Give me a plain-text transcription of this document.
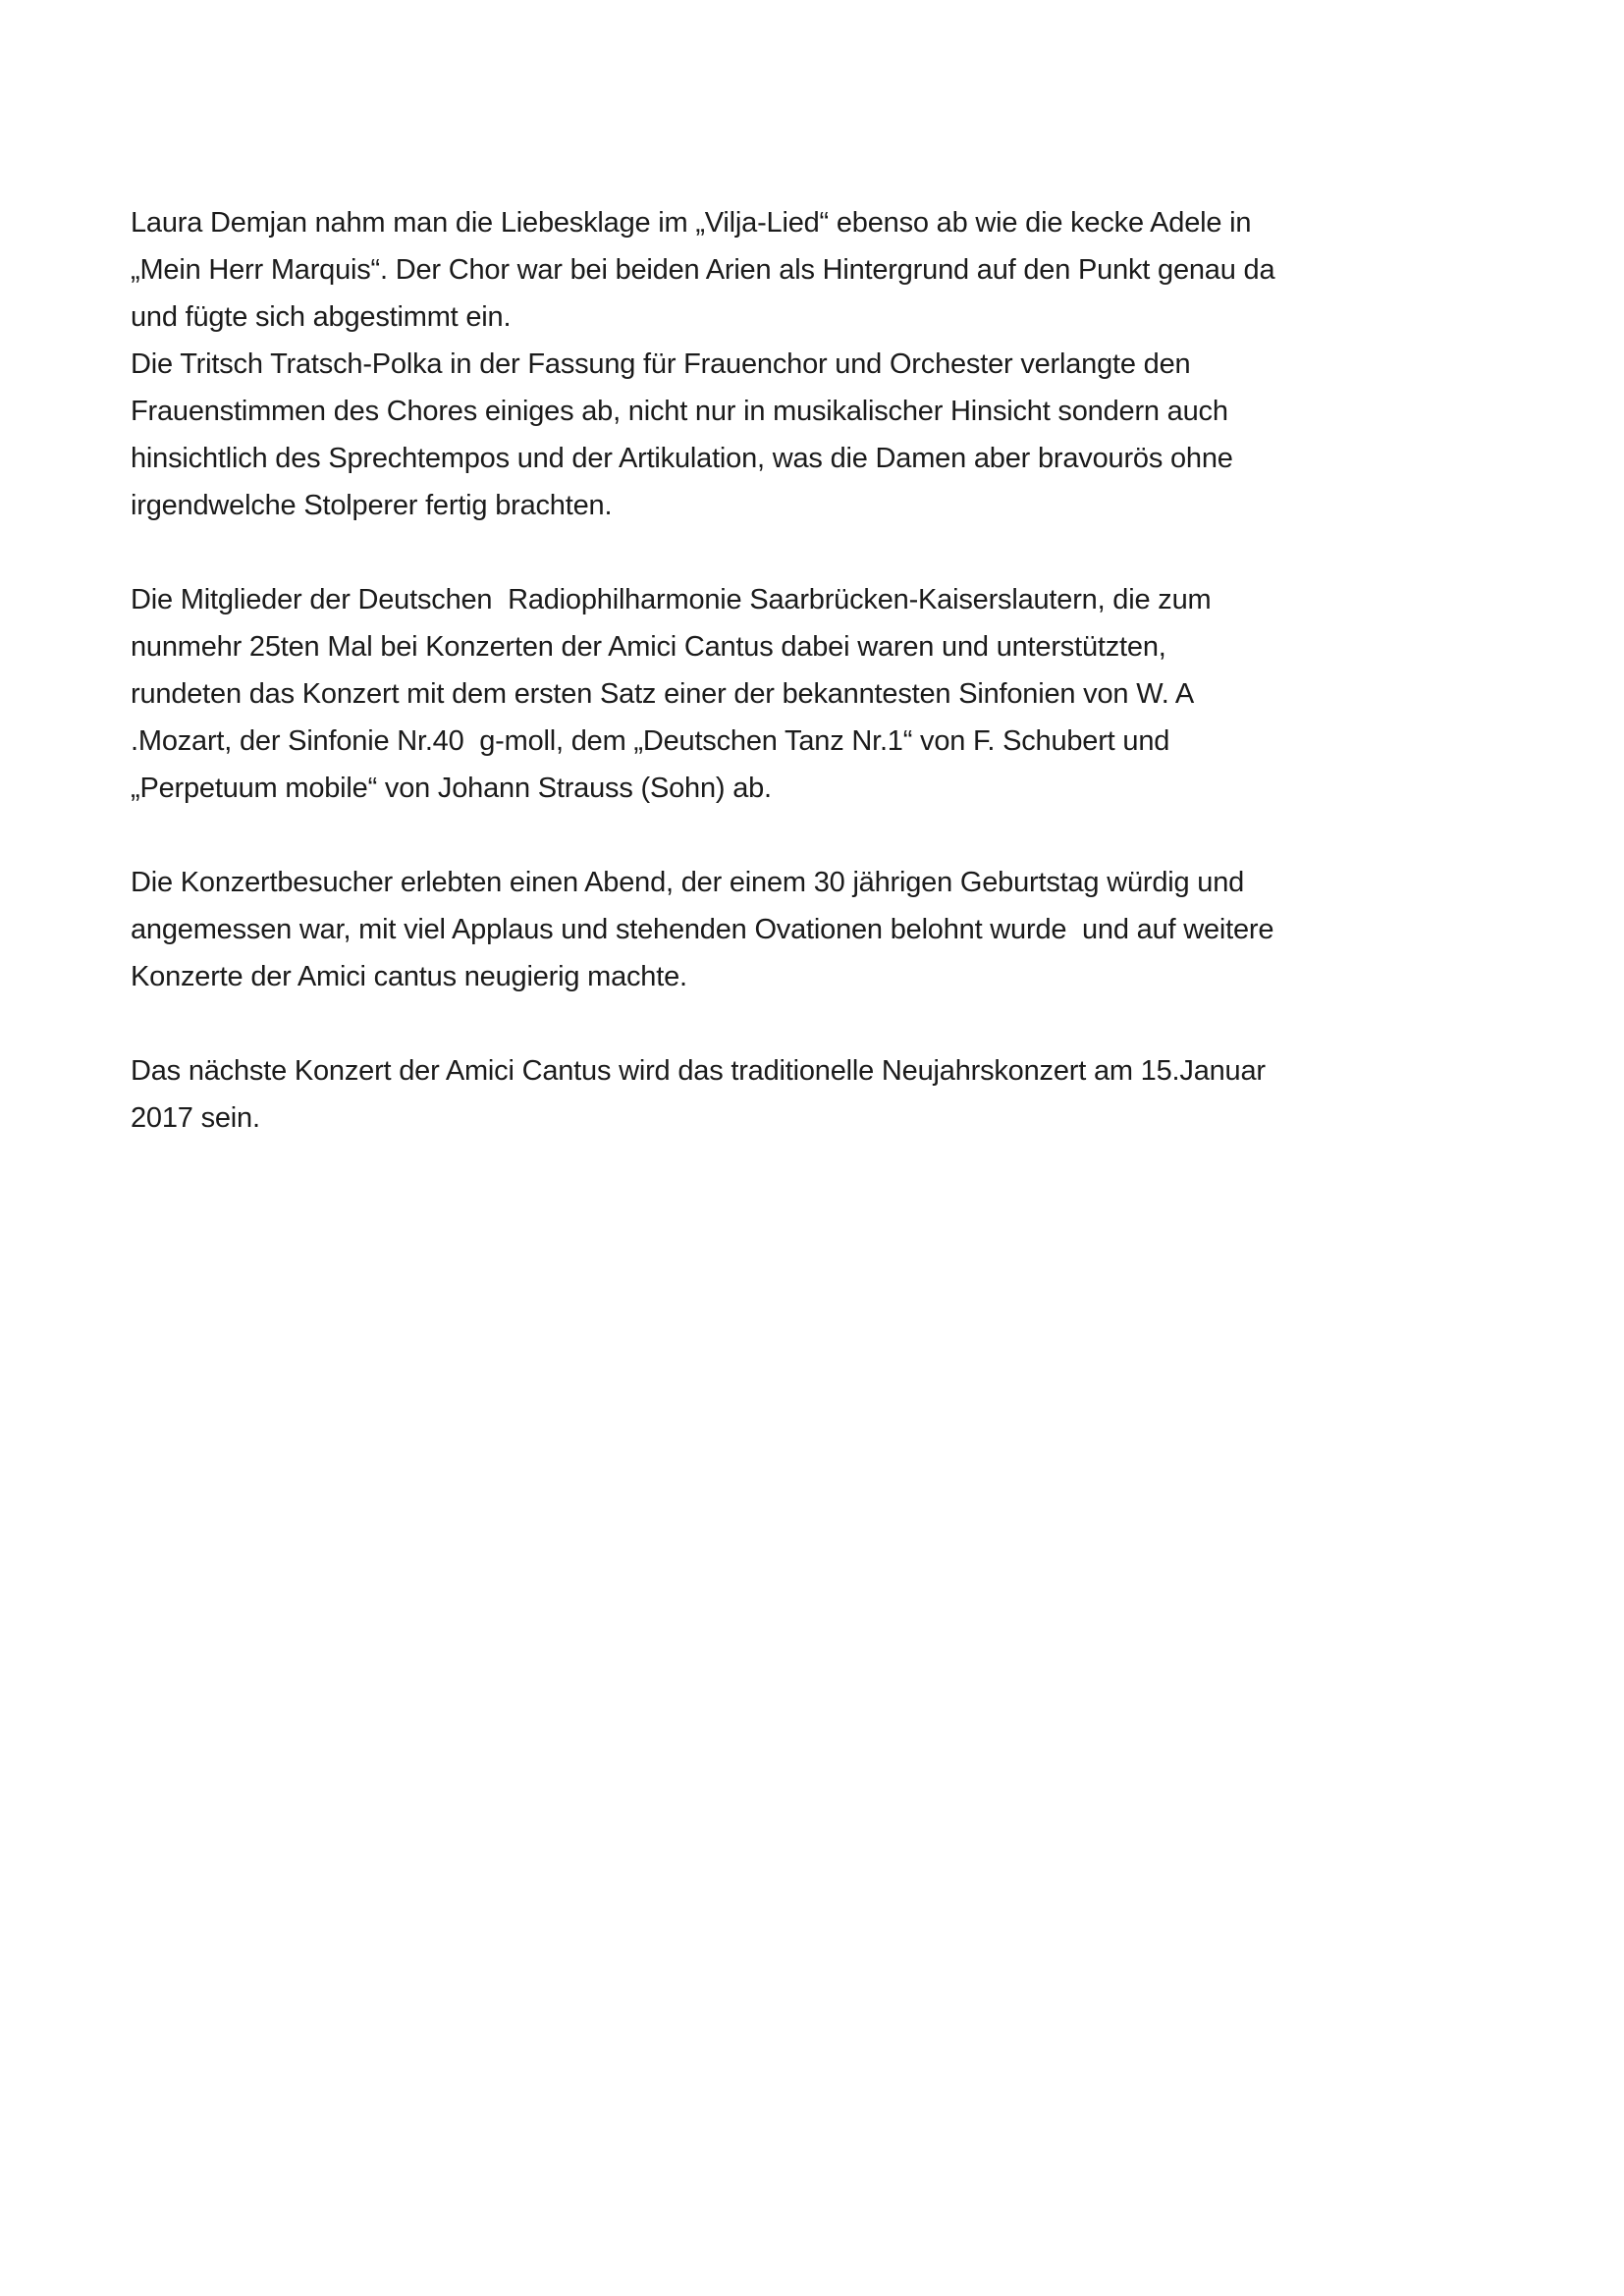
Laura Demjan nahm man die Liebesklage im „Vilja-Lied“ ebenso ab wie die kecke Adele in
„Mein Herr Marquis“. Der Chor war bei beiden Arien als Hintergrund auf den Punkt genau da
und fügte sich abgestimmt ein.
Die Tritsch Tratsch-Polka in der Fassung für Frauenchor und Orchester verlangte den
Frauenstimmen des Chores einiges ab, nicht nur in musikalischer Hinsicht sondern auch
hinsichtlich des Sprechtempos und der Artikulation, was die Damen aber bravourös ohne
irgendwelche Stolperer fertig brachten.
Die Mitglieder der Deutschen  Radiophilharmonie Saarbrücken-Kaiserslautern, die zum
nunmehr 25ten Mal bei Konzerten der Amici Cantus dabei waren und unterstützten,
rundeten das Konzert mit dem ersten Satz einer der bekanntesten Sinfonien von W. A
.Mozart, der Sinfonie Nr.40  g-moll, dem „Deutschen Tanz Nr.1“ von F. Schubert und
„Perpetuum mobile“ von Johann Strauss (Sohn) ab.
Die Konzertbesucher erlebten einen Abend, der einem 30 jährigen Geburtstag würdig und
angemessen war, mit viel Applaus und stehenden Ovationen belohnt wurde  und auf weitere
Konzerte der Amici cantus neugierig machte.
Das nächste Konzert der Amici Cantus wird das traditionelle Neujahrskonzert am 15.Januar
2017 sein.
